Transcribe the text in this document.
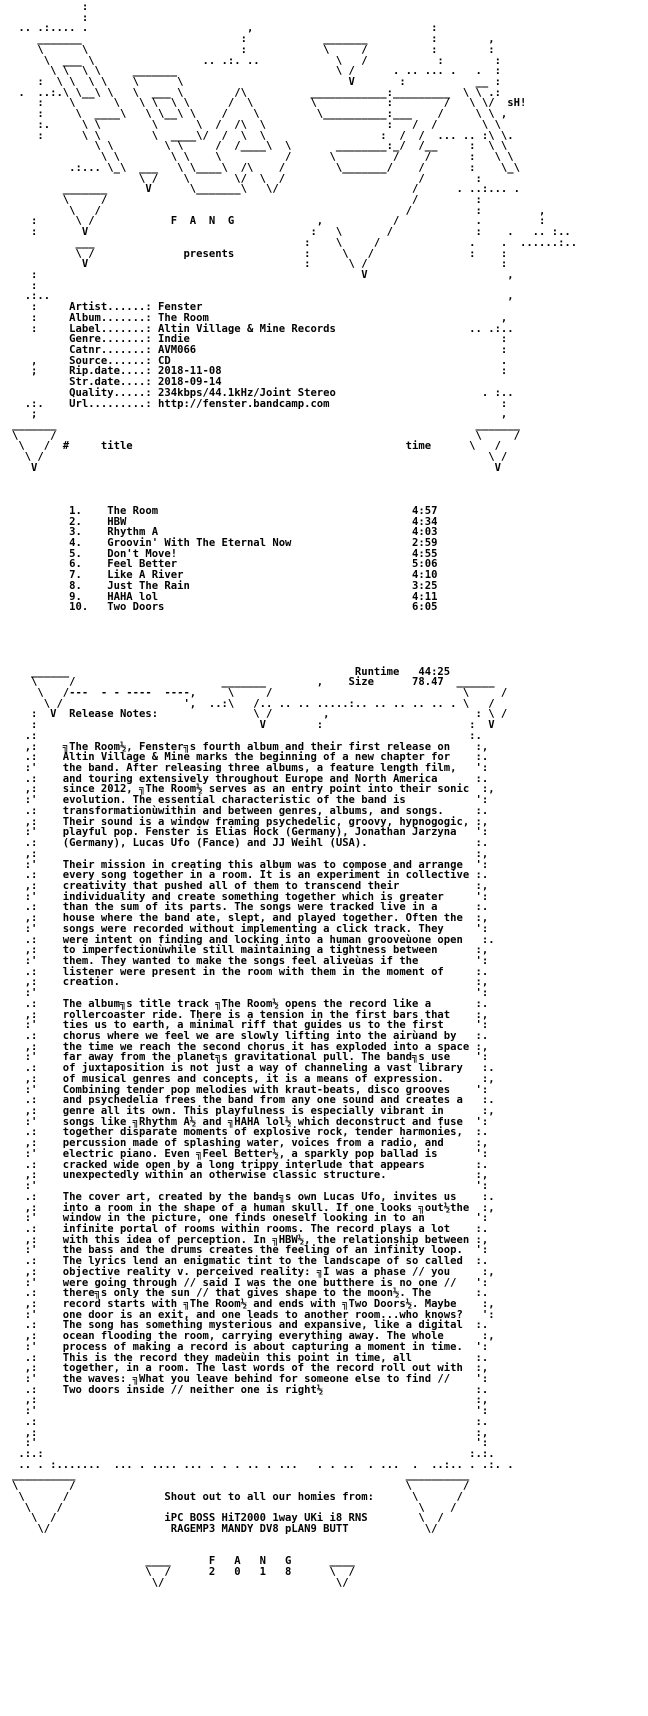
:
:
.. .:.... .                         ,                            :
_______                         :            _______          :        ,
\      \                        :            \     /          :        :
\  ___ \                 .. .:. ..            \   /           :        :
\ \  \ \     _______                         \ /      . .. ... .   .  :
:  \ \  \ \    \      \                          V       :           __ :
.  ..:.\ \__\ \   \  ___ \        /\          ____________:_________  \ \ .:
:    \      \   \ \  \ \      /  \         \           :        /   \ \/  sH!
:     \  ____\   \ \__\ \    /    \         \__________:___    /     \ \ ,
:.     \ \        \      \  /  /\  \                   :   /  /       \ \
:      \ \        \  ____\/  /  \  \                  :  /  /  ... .. :\ \.
\ \        \ \     /  /____\  \       ________:_/  /__     :  \ \
\ \        \ \    \          /      \         /    /      :   \ \
.:... \_\  ___   \ \____\  /\    /        \_______/    /       :    \_\
\ /    \       \/  \  /                     /        :
_______      V      \_______\   \/                     /      . ..:... .
\     /                                                /         :
\   /                                                /          :         ,
:      \ /            F  A  N  G             ,           /            .         :
:       V                                   :   \       /             :    .   .. :..
___                                 :    \     /              .    .  ......:..
\ /              presents           :     \   /               :    :
V                                  :      \ /                     :
:                                                   V                      ,
:
.:..                                                                        ,
:     Artist......: Fenster
:     Album.......: The Room                                              ,
:     Label.......: Altin Village & Mine Records                     .. .:..
Genre.......: Indie                                                 :
Catnr.......: AVM066                                                :
,     Source......: CD                                                    .
;     Rip.date....: 2018-11-08                                            :
Str.date....: 2018-09-14
Quality.....: 234kbps/44.1kHz/Joint Stereo                       . :..
.:.    Url.........: http://fenster.bandcamp.com                           :
;                                                                         ,
_______                                                                  _______
\     /                                                                  \     /
\   /  #     title                                           time      \   /
\ /                                                                      \ /
V                                                                        V

1.    The Room                                        4:57
2.    HBW                                             4:34
3.    Rhythm A                                        4:03
4.    Groovin' With The Eternal Now                   2:59
5.    Don't Move!                                     4:55
6.    Feel Better                                     5:06
7.    Like A River                                    4:10
8.    Just The Rain                                   3:25
9.    HAHA lol                                        4:11
10.   Two Doors                                       6:05

______                                             Runtime   44:25
\     /                       _______        ,    Size      78.47  ______
\   /---  - - ----  ----,     \     /                              \     /
\ /                   ',  ..:\   /.. .. .. .....:.. .. .. .. .. . \   /
:  V  Release Notes:               \ /        ,                       : \ /
:                                   V        :                       :  V
.:                                                                    :.
,:    ╗The Room½, Fenster╗s fourth album and their first release on    :,
.:    Altin Village & Mine marks the beginning of a new chapter for    :.
:'    the band. After releasing three albums, a feature length film,   ':
.:    and touring extensively throughout Europe and North America      :.
,:    since 2012, ╗The Room½ serves as an entry point into their sonic  :,
:'    evolution. The essential characteristic of the band is           ':
.:    transformationùwithin and between genres, albums, and songs.     :.
,:    Their sound is a window framing psychedelic, groovy, hypnogogic, :,
:'    playful pop. Fenster is Elias Hock (Germany), Jonathan Jarzyna   ':
.:    (Germany), Lucas Ufo (Fance) and JJ Weihl (USA).                 :.
,:                                                                     :,
:'    Their mission in creating this album was to compose and arrange  ':
.:    every song together in a room. It is an experiment in collective :.
,:    creativity that pushed all of them to transcend their            :,
:'    individuality and create something together which is greater     ':
.:    than the sum of its parts. The songs were tracked live in a      :.
,:    house where the band ate, slept, and played together. Often the  :,
:'    songs were recorded without implementing a click track. They     ':
.:    were intent on finding and locking into a human grooveùone open   :.
,:    to imperfectionùwhile still maintaining a tightness between      :,
:'    them. They wanted to make the songs feel aliveùas if the         ':
.:    listener were present in the room with them in the moment of     :.
,:    creation.                                                        :,
:'                                                                     ':
.:    The album╗s title track ╗The Room½ opens the record like a       :.
,:    rollercoaster ride. There is a tension in the first bars that    :,
:'    ties us to earth, a minimal riff that guides us to the first     ':
.:    chorus where we feel we are slowly lifting into the airùand by   :.
,:    the time we reach the second chorus it has exploded into a space :,
:'    far away from the planet╗s gravitational pull. The band╗s use    ':
.:    of juxtaposition is not just a way of channeling a vast library   :.
,:    of musical genres and concepts, it is a means of expression.      :,
:'    Combining tender pop melodies with kraut-beats, disco grooves    ':
.:    and psychedelia frees the band from any one sound and creates a   :.
,:    genre all its own. This playfulness is especially vibrant in      :,
:'    songs like ╗Rhythm A½ and ╗HAHA lol½ which deconstruct and fuse  ':
.:    together disparate moments of explosive rock, tender harmonies,  :.
,:    percussion made of splashing water, voices from a radio, and     :,
:'    electric piano. Even ╗Feel Better½, a sparkly pop ballad is      ':
.:    cracked wide open by a long trippy interlude that appears        :.
,:    unexpectedly within an otherwise classic structure.              :,
:'                                                                     ':
.:    The cover art, created by the band╗s own Lucas Ufo, invites us    :.
,:    into a room in the shape of a human skull. If one looks ╗out½the  :,
:'    window in the picture, one finds oneself looking in to an        ':
.:    infinite portal of rooms within rooms. The record plays a lot    :.
,:    with this idea of perception. In ╗HBW½, the relationship between :,
:'    the bass and the drums creates the feeling of an infinity loop.  ':
.:    The lyrics lend an enigmatic tint to the landscape of so called  :.
,:    objective reality v. perceived reality: ╗I was a phase // you     :,
:'    were going through // said I was the one butthere is no one //   ':
.:    there╗s only the sun // that gives shape to the moon½. The       :.
,:    record starts with ╗The Room½ and ends with ╗Two Doors½. Maybe    :,
:'    one door is an exit, and one leads to another room...who knows?   ':
.:    The song has something mysterious and expansive, like a digital  :.
,:    ocean flooding the room, carrying everything away. The whole      :,
:'    process of making a record is about capturing a moment in time.  ':
.:    This is the record they madeùin this point in time, all          :.
,:    together, in a room. The last words of the record roll out with  :,
:'    the waves: ╗What you leave behind for someone else to find //    ':
.:    Two doors inside // neither one is right½                        :.
,:                                                                     :,
:'                                                                     ':
.:                                                                     :.
,:                                                                     :,
:'                                                                     ':
.:.:                                                                   :.:.
.. . :.......  ... . .... ... . . . .. . ...   . . ..  . ...  .  ..:.. . .:. .
__________                                                    __________
\        /                                                    \        /
\      /               Shout out to all our homies from:      \      /
\    /                                                        \    /
\  /                 iPC BOSS HiT2000 1way UKi i8 RNS        \  /
\/                   RAGEMP3 MANDY DV8 pLAN9 BUTT            \/

____      F   A   N   G      ____
\  /      2   0   1   8      \  /
\/                           \/
